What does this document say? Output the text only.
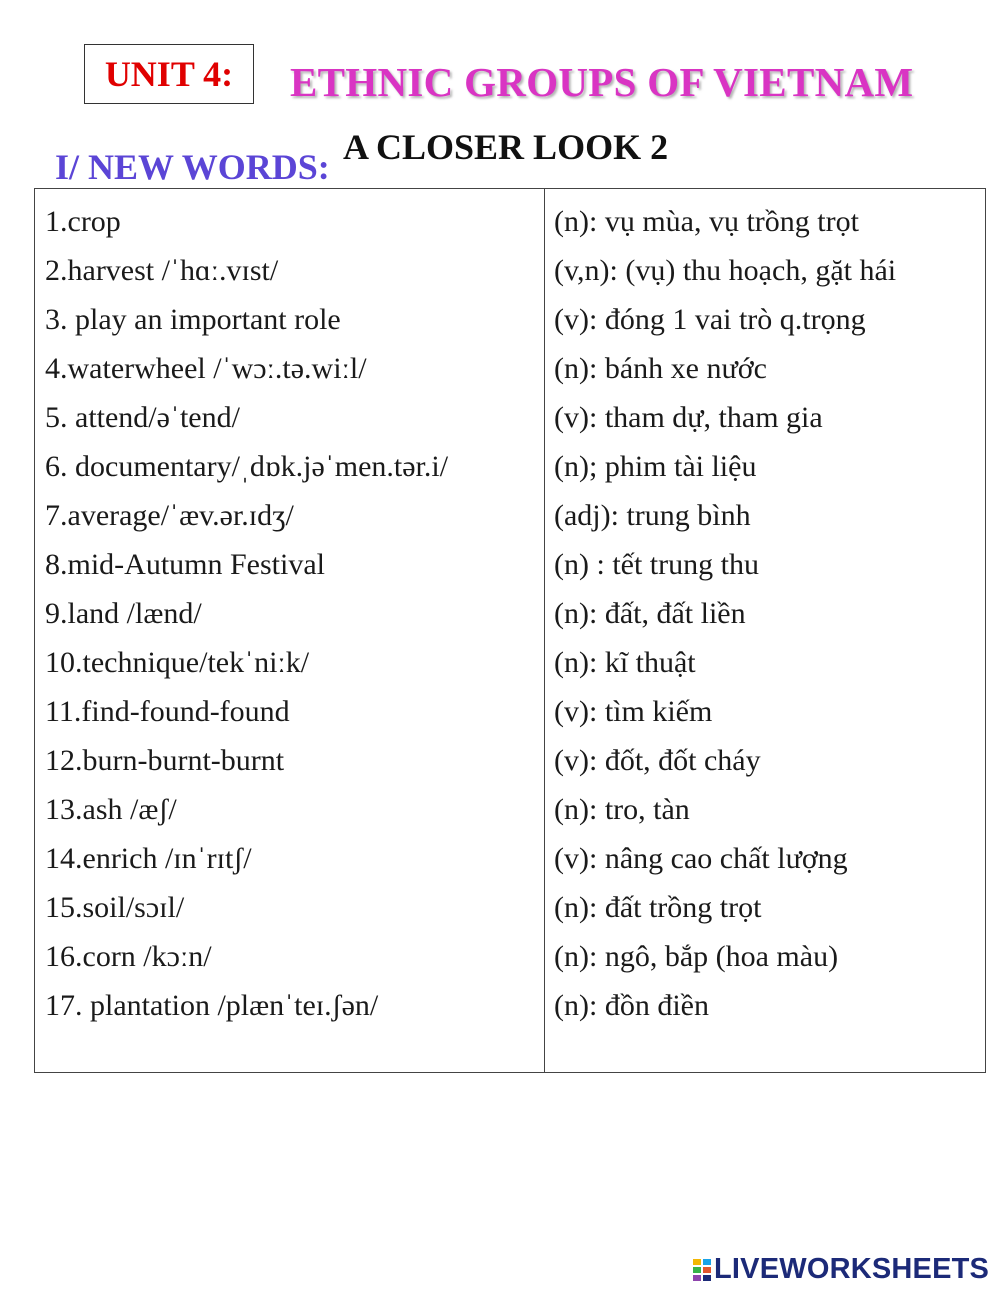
UNIT 4: ETHNIC GROUPS OF VIETNAM
A CLOSER LOOK 2
I/ NEW WORDS:
1.crop
2.harvest /ˈhɑː.vɪst/
3. play an important role
4.waterwheel /ˈwɔː.tə.wiːl/
5. attend/əˈtend/
6. documentary/ˌdɒk.jəˈmen.tər.i/
7.average/ˈæv.ər.ɪdʒ/
8.mid-Autumn Festival
9.land /lænd/
10.technique/tekˈniːk/
11.find-found-found
12.burn-burnt-burnt
13.ash /æʃ/
14.enrich /ɪnˈrɪtʃ/
15.soil/sɔɪl/
16.corn /kɔːn/
17. plantation /plænˈteɪ.ʃən/
(n): vụ mùa, vụ trồng trọt
(v,n): (vụ) thu hoạch, gặt hái
(v): đóng 1 vai trò q.trọng
(n): bánh xe nước
(v): tham dự, tham gia
(n); phim tài liệu
(adj): trung bình
(n) : tết trung thu
(n): đất, đất liền
(n): kĩ thuật
(v): tìm kiếm
(v): đốt, đốt cháy
(n): tro, tàn
(v): nâng cao chất lượng
(n): đất trồng trọt
(n): ngô, bắp (hoa màu)
(n): đồn điền
LIVEWORKSHEETS
